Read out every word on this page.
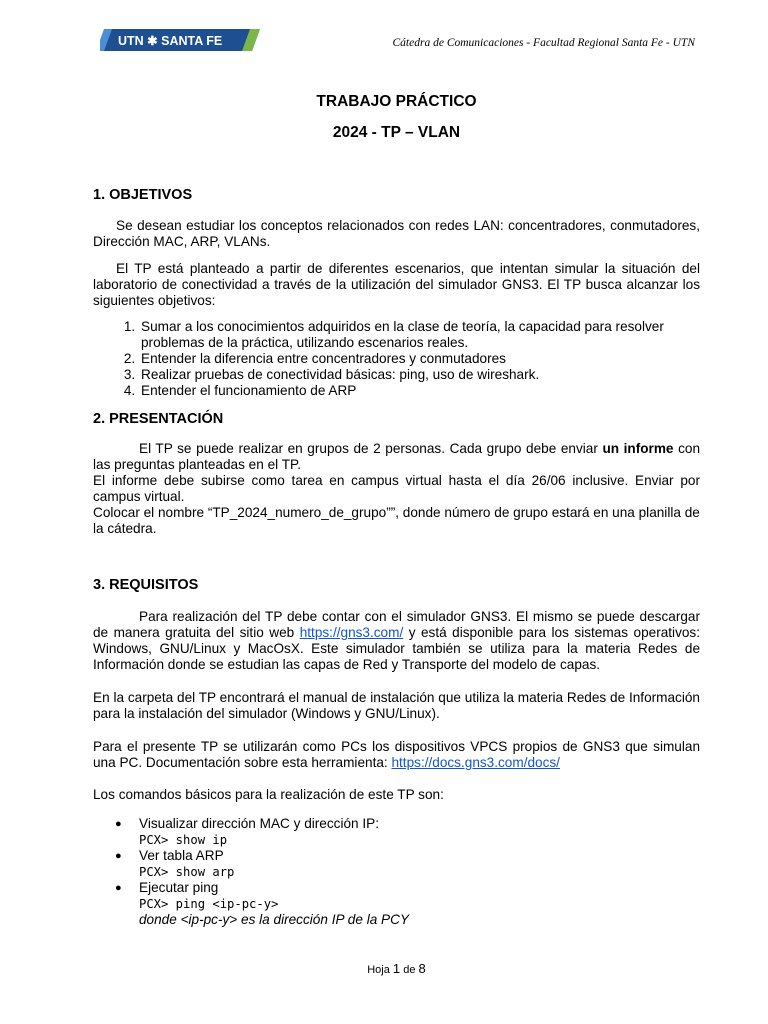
UTN ✱ SANTA FE	Cátedra de Comunicaciones - Facultad Regional Santa Fe - UTN
TRABAJO PRÁCTICO
2024 - TP – VLAN
1. OBJETIVOS

Se desean estudiar los conceptos relacionados con redes LAN: concentradores, conmutadores, Dirección MAC, ARP, VLANs.

El TP está planteado a partir de diferentes escenarios, que intentan simular la situación del laboratorio de conectividad a través de la utilización del simulador GNS3. El TP busca alcanzar los siguientes objetivos:

1. Sumar a los conocimientos adquiridos en la clase de teoría, la capacidad para resolver problemas de la práctica, utilizando escenarios reales.
2. Entender la diferencia entre concentradores y conmutadores
3. Realizar pruebas de conectividad básicas: ping, uso de wireshark.
4. Entender el funcionamiento de ARP
2. PRESENTACIÓN

El TP se puede realizar en grupos de 2 personas. Cada grupo debe enviar un informe con las preguntas planteadas en el TP.

El informe debe subirse como tarea en campus virtual hasta el día 26/06 inclusive. Enviar por campus virtual.

Colocar el nombre “TP_2024_numero_de_grupo””, donde número de grupo estará en una planilla de la cátedra.

3. REQUISITOS

Para realización del TP debe contar con el simulador GNS3. El mismo se puede descargar de manera gratuita del sitio web https://gns3.com/ y está disponible para los sistemas operativos: Windows, GNU/Linux y MacOsX. Este simulador también se utiliza para la materia Redes de Información donde se estudian las capas de Red y Transporte del modelo de capas.

En la carpeta del TP encontrará el manual de instalación que utiliza la materia Redes de Información para la instalación del simulador (Windows y GNU/Linux).

Para el presente TP se utilizarán como PCs los dispositivos VPCS propios de GNS3 que simulan una PC. Documentación sobre esta herramienta: https://docs.gns3.com/docs/

Los comandos básicos para la realización de este TP son:

● Visualizar dirección MAC y dirección IP:
PCX> show ip
● Ver tabla ARP
PCX> show arp
● Ejecutar ping
PCX> ping <ip-pc-y>
donde <ip-pc-y> es la dirección IP de la PCY
Hoja 1 de 8
